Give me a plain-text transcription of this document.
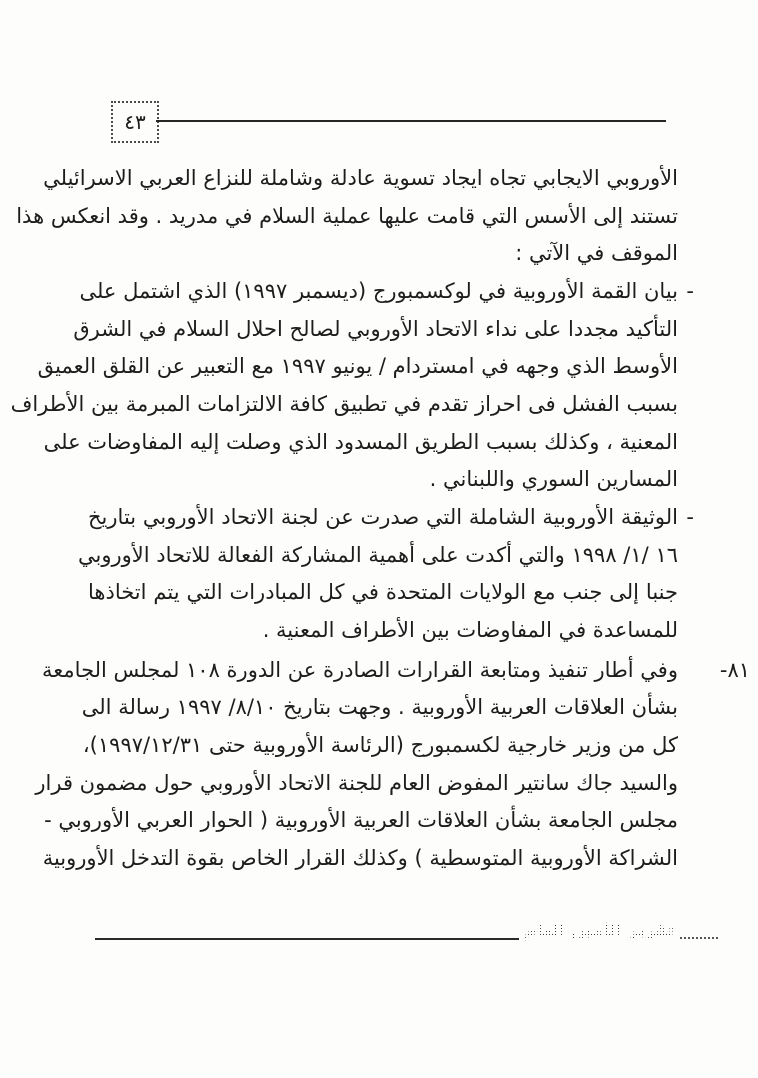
٤٣
الأوروبي الايجابي تجاه ايجاد تسوية عادلة وشاملة للنزاع العربي الاسرائيلي
تستند إلى الأسس التي قامت عليها عملية السلام في مدريد . وقد انعكس هذا
الموقف في الآتي :
-
بيان القمة الأوروبية في لوكسمبورج (ديسمبر ١٩٩٧) الذي اشتمل على
التأكيد مجددا على نداء الاتحاد الأوروبي لصالح احلال السلام في الشرق
الأوسط الذي وجهه في امستردام / يونيو ١٩٩٧ مع التعبير عن القلق العميق
بسبب الفشل فى احراز تقدم في تطبيق كافة الالتزامات المبرمة بين الأطراف
المعنية ، وكذلك بسبب الطريق المسدود الذي وصلت إليه المفاوضات على
المسارين السوري واللبناني .
-
الوثيقة الأوروبية الشاملة التي صدرت عن لجنة الاتحاد الأوروبي بتاريخ
١٦ /١/ ١٩٩٨ والتي أكدت على أهمية المشاركة الفعالة للاتحاد الأوروبي
جنبا إلى جنب مع الولايات المتحدة في كل المبادرات التي يتم اتخاذها
للمساعدة في المفاوضات بين الأطراف المعنية .
٨١-
وفي أطار تنفيذ ومتابعة القرارات الصادرة عن الدورة ١٠٨ لمجلس الجامعة
بشأن العلاقات العربية الأوروبية . وجهت بتاريخ ٨/١٠/ ١٩٩٧ رسالة الى
كل من وزير خارجية لكسمبورج (الرئاسة الأوروبية حتى ١٩٩٧/١٢/٣١)،
والسيد جاك سانتير المفوض العام للجنة الاتحاد الأوروبي حول مضمون قرار
مجلس الجامعة بشأن العلاقات العربية الأوروبية ( الحوار العربي الأوروبي -
الشراكة الأوروبية المتوسطية ) وكذلك القرار الخاص بقوة التدخل الأوروبية
تقرير الأمين العام
